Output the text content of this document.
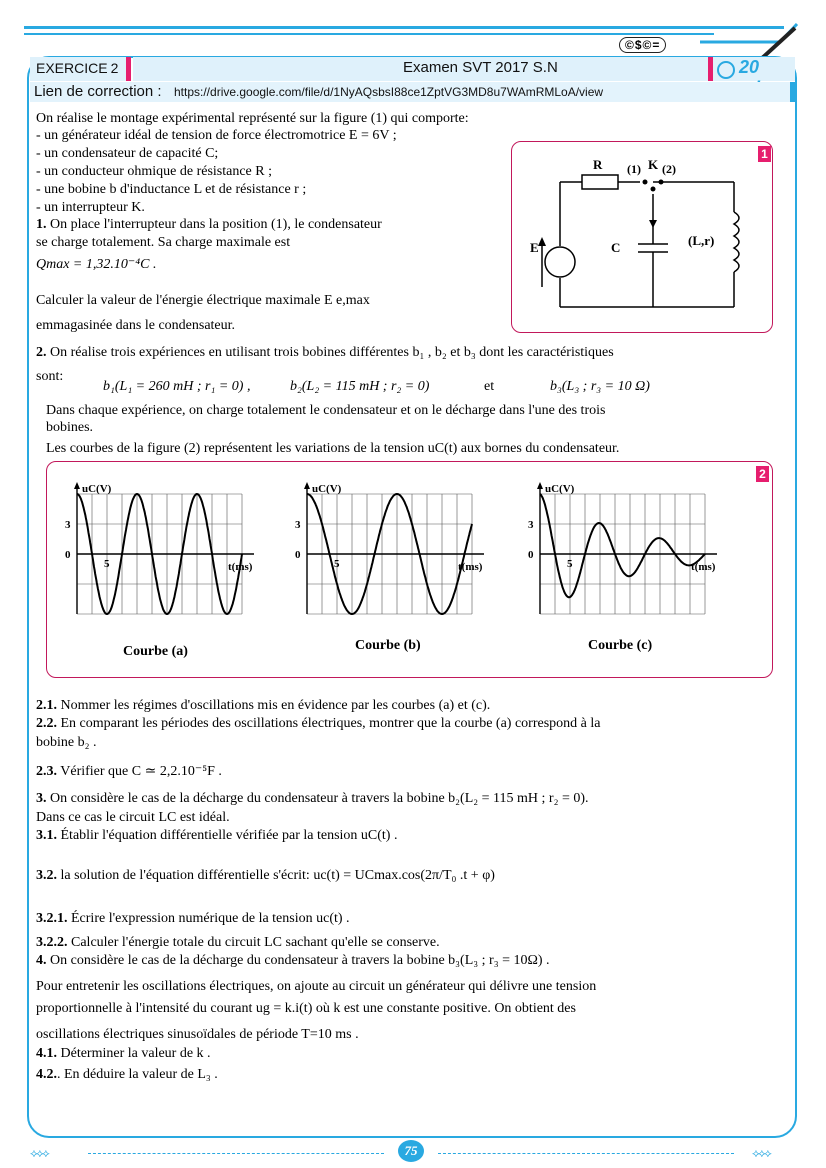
©$©=
EXERCICE 2	Examen SVT 2017 S.N	20
Lien de correction : https://drive.google.com/file/d/1NyAQsbsI88ce1ZptVG3MD8u7WAmRMLoA/view
On réalise le montage expérimental représenté sur la figure (1) qui comporte:
- un générateur idéal de tension de force électromotrice E = 6V ;
- un condensateur de capacité C;
- un conducteur ohmique de résistance R ;
- une bobine b d'inductance L et de résistance r ;
- un interrupteur K.
1. On place l'interrupteur dans la position (1), le condensateur
se charge totalement. Sa charge maximale est
Qmax = 1,32.10⁻⁴C .
Calculer la valeur de l'énergie électrique maximale E e,max
emmagasinée dans le condensateur.
1
R (1) K (2)
E	C	(L,r)
2. On réalise trois expériences en utilisant trois bobines différentes b₁ , b₂ et b₃ dont les caractéristiques
sont:
b₁(L₁ = 260 mH ; r₁ = 0) ,	b₂(L₂ = 115 mH ; r₂ = 0)	et	b₃(L₃ ; r₃ = 10 Ω)
Dans chaque expérience, on charge totalement le condensateur et on le décharge dans l'une des trois
bobines.
Les courbes de la figure (2) représentent les variations de la tension uC(t) aux bornes du condensateur.
2
uC(V)
t(ms)
3
0
5
uC(V)
t(ms)
3
0
5
uC(V)
t(ms)
3
0
5
Courbe (a)	Courbe (b)	Courbe (c)
2.1. Nommer les régimes d'oscillations mis en évidence par les courbes (a) et (c).
2.2. En comparant les périodes des oscillations électriques, montrer que la courbe (a) correspond à la
bobine b₂ .
2.3. Vérifier que C ≃ 2,2.10⁻⁵F .
3. On considère le cas de la décharge du condensateur à travers la bobine b₂(L₂ = 115 mH ; r₂ = 0).
Dans ce cas le circuit LC est idéal.
3.1. Établir l'équation différentielle vérifiée par la tension uC(t) .
3.2. la solution de l'équation différentielle s'écrit: uc(t) = UCmax.cos(2π/T₀ .t + φ)
3.2.1. Écrire l'expression numérique de la tension uc(t) .
3.2.2. Calculer l'énergie totale du circuit LC sachant qu'elle se conserve.
4. On considère le cas de la décharge du condensateur à travers la bobine b₃(L₃ ; r₃ = 10Ω) .
Pour entretenir les oscillations électriques, on ajoute au circuit un générateur qui délivre une tension
proportionnelle à l'intensité du courant ug = k.i(t) où k est une constante positive. On obtient des
oscillations électriques sinusoïdales de période T=10 ms .
4.1. Déterminer la valeur de k .
4.2.. En déduire la valeur de L₃ .
⟡⟡⟡	75	⟡⟡⟡
